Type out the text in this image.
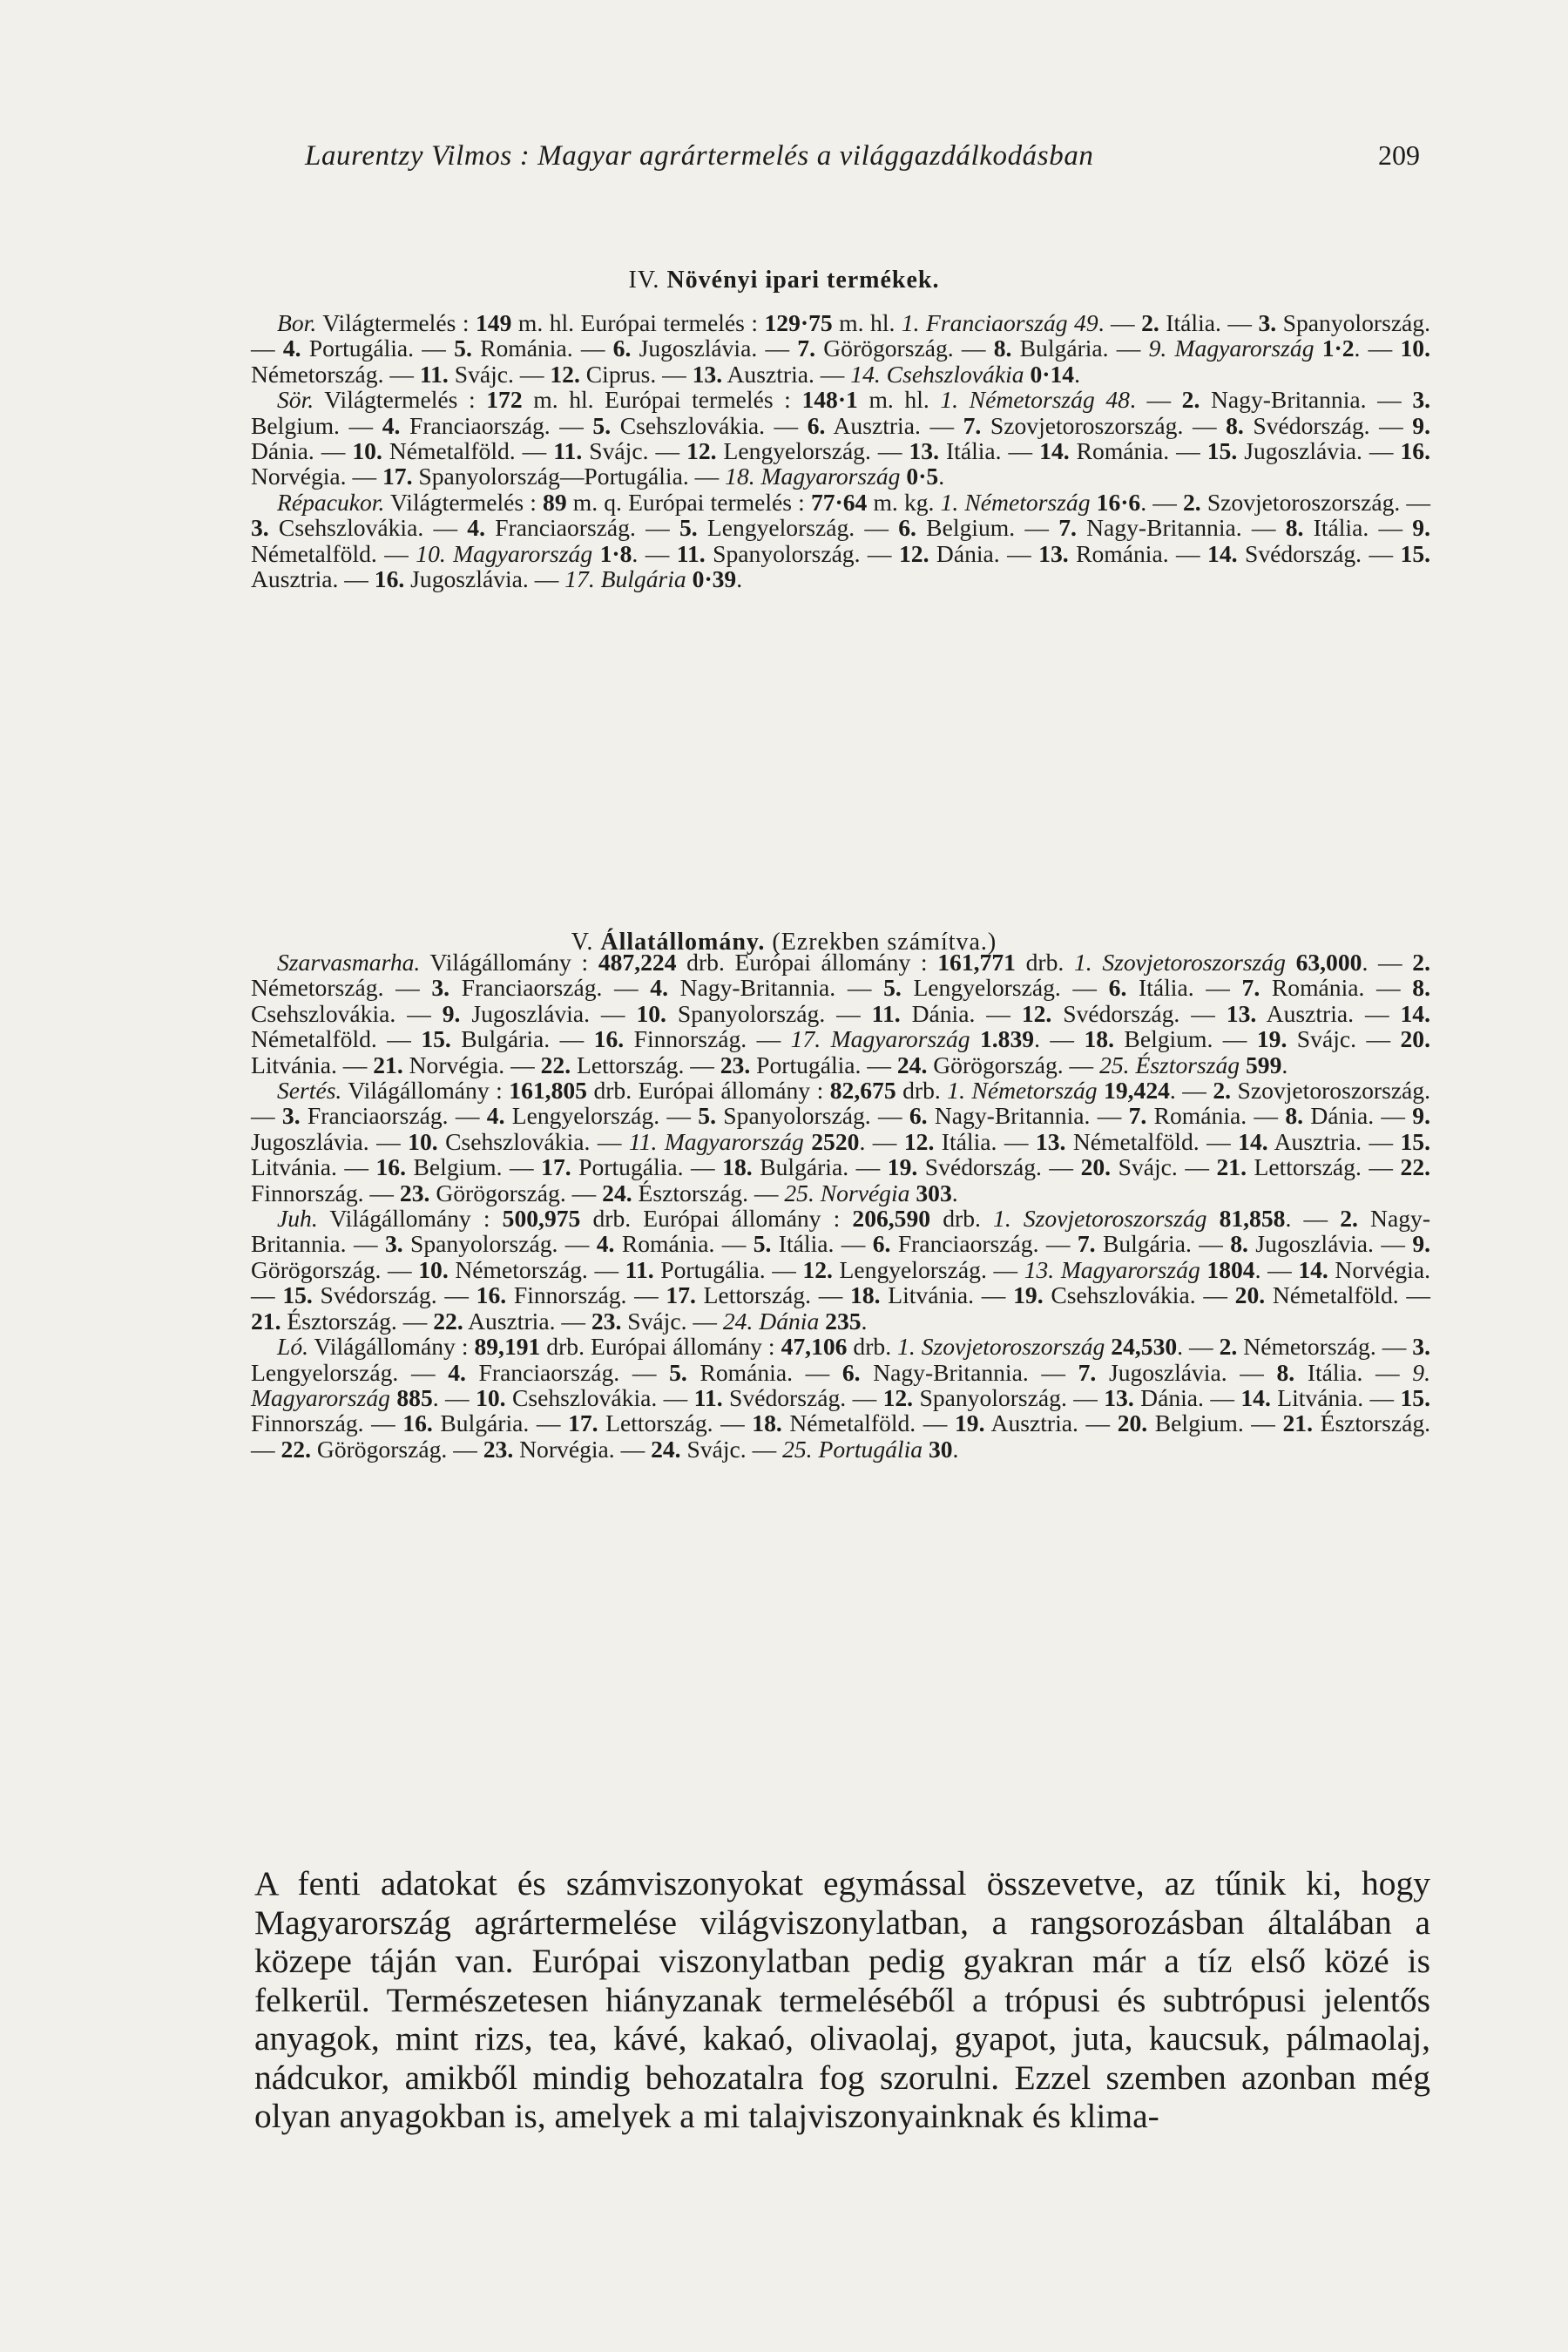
Laurentzy Vilmos : Magyar agrártermelés a világgazdálkodásban	209
IV. Növényi ipari termékek.

Bor. Világtermelés : 149 m. hl. Európai termelés : 129·75 m. hl. 1. Franciaország 49. — 2. Itália. — 3. Spanyolország. — 4. Portugália. — 5. Románia. — 6. Jugoszlávia. — 7. Görögország. — 8. Bulgária. — 9. Magyarország 1·2. — 10. Németország. — 11. Svájc. — 12. Ciprus. — 13. Ausztria. — 14. Csehszlovákia 0·14.

Sör. Világtermelés : 172 m. hl. Európai termelés : 148·1 m. hl. 1. Németország 48. — 2. Nagy-Britannia. — 3. Belgium. — 4. Franciaország. — 5. Csehszlovákia. — 6. Ausztria. — 7. Szovjetoroszország. — 8. Svédország. — 9. Dánia. — 10. Németalföld. — 11. Svájc. — 12. Lengyelország. — 13. Itália. — 14. Románia. — 15. Jugoszlávia. — 16. Norvégia. — 17. Spanyolország—Portugália. — 18. Magyarország 0·5.

Répacukor. Világtermelés : 89 m. q. Európai termelés : 77·64 m. kg. 1. Németország 16·6. — 2. Szovjetoroszország. — 3. Csehszlovákia. — 4. Franciaország. — 5. Lengyelország. — 6. Belgium. — 7. Nagy-Britannia. — 8. Itália. — 9. Németalföld. — 10. Magyarország 1·8. — 11. Spanyolország. — 12. Dánia. — 13. Románia. — 14. Svédország. — 15. Ausztria. — 16. Jugoszlávia. — 17. Bulgária 0·39.

V. Állatállomány. (Ezrekben számítva.)

Szarvasmarha. Világállomány : 487,224 drb. Európai állomány : 161,771 drb. 1. Szovjetoroszország 63,000. — 2. Németország. — 3. Franciaország. — 4. Nagy-Britannia. — 5. Lengyelország. — 6. Itália. — 7. Románia. — 8. Csehszlovákia. — 9. Jugoszlávia. — 10. Spanyolország. — 11. Dánia. — 12. Svédország. — 13. Ausztria. — 14. Németalföld. — 15. Bulgária. — 16. Finnország. — 17. Magyarország 1.839. — 18. Belgium. — 19. Svájc. — 20. Litvánia. — 21. Norvégia. — 22. Lettország. — 23. Portugália. — 24. Görögország. — 25. Észtország 599.

Sertés. Világállomány : 161,805 drb. Európai állomány : 82,675 drb. 1. Németország 19,424. — 2. Szovjetoroszország. — 3. Franciaország. — 4. Lengyelország. — 5. Spanyolország. — 6. Nagy-Britannia. — 7. Románia. — 8. Dánia. — 9. Jugoszlávia. — 10. Csehszlovákia. — 11. Magyarország 2520. — 12. Itália. — 13. Németalföld. — 14. Ausztria. — 15. Litvánia. — 16. Belgium. — 17. Portugália. — 18. Bulgária. — 19. Svédország. — 20. Svájc. — 21. Lettország. — 22. Finnország. — 23. Görögország. — 24. Észtország. — 25. Norvégia 303.

Juh. Világállomány : 500,975 drb. Európai állomány : 206,590 drb. 1. Szovjetoroszország 81,858. — 2. Nagy-Britannia. — 3. Spanyolország. — 4. Románia. — 5. Itália. — 6. Franciaország. — 7. Bulgária. — 8. Jugoszlávia. — 9. Görögország. — 10. Németország. — 11. Portugália. — 12. Lengyelország. — 13. Magyarország 1804. — 14. Norvégia. — 15. Svédország. — 16. Finnország. — 17. Lettország. — 18. Litvánia. — 19. Csehszlovákia. — 20. Németalföld. — 21. Észtország. — 22. Ausztria. — 23. Svájc. — 24. Dánia 235.

Ló. Világállomány : 89,191 drb. Európai állomány : 47,106 drb. 1. Szovjetoroszország 24,530. — 2. Németország. — 3. Lengyelország. — 4. Franciaország. — 5. Románia. — 6. Nagy-Britannia. — 7. Jugoszlávia. — 8. Itália. — 9. Magyarország 885. — 10. Csehszlovákia. — 11. Svédország. — 12. Spanyolország. — 13. Dánia. — 14. Litvánia. — 15. Finnország. — 16. Bulgária. — 17. Lettország. — 18. Németalföld. — 19. Ausztria. — 20. Belgium. — 21. Észtország. — 22. Görögország. — 23. Norvégia. — 24. Svájc. — 25. Portugália 30.

A fenti adatokat és számviszonyokat egymással összevetve, az tűnik ki, hogy Magyarország agrártermelése világviszonylatban, a rangsorozásban általában a közepe táján van. Európai viszonylatban pedig gyakran már a tíz első közé is felkerül. Természetesen hiányzanak termeléséből a trópusi és subtrópusi jelentős anyagok, mint rizs, tea, kávé, kakaó, olivaolaj, gyapot, juta, kaucsuk, pálmaolaj, nádcukor, amikből mindig behozatalra fog szorulni. Ezzel szemben azonban még olyan anyagokban is, amelyek a mi talajviszonyainknak és klima-
